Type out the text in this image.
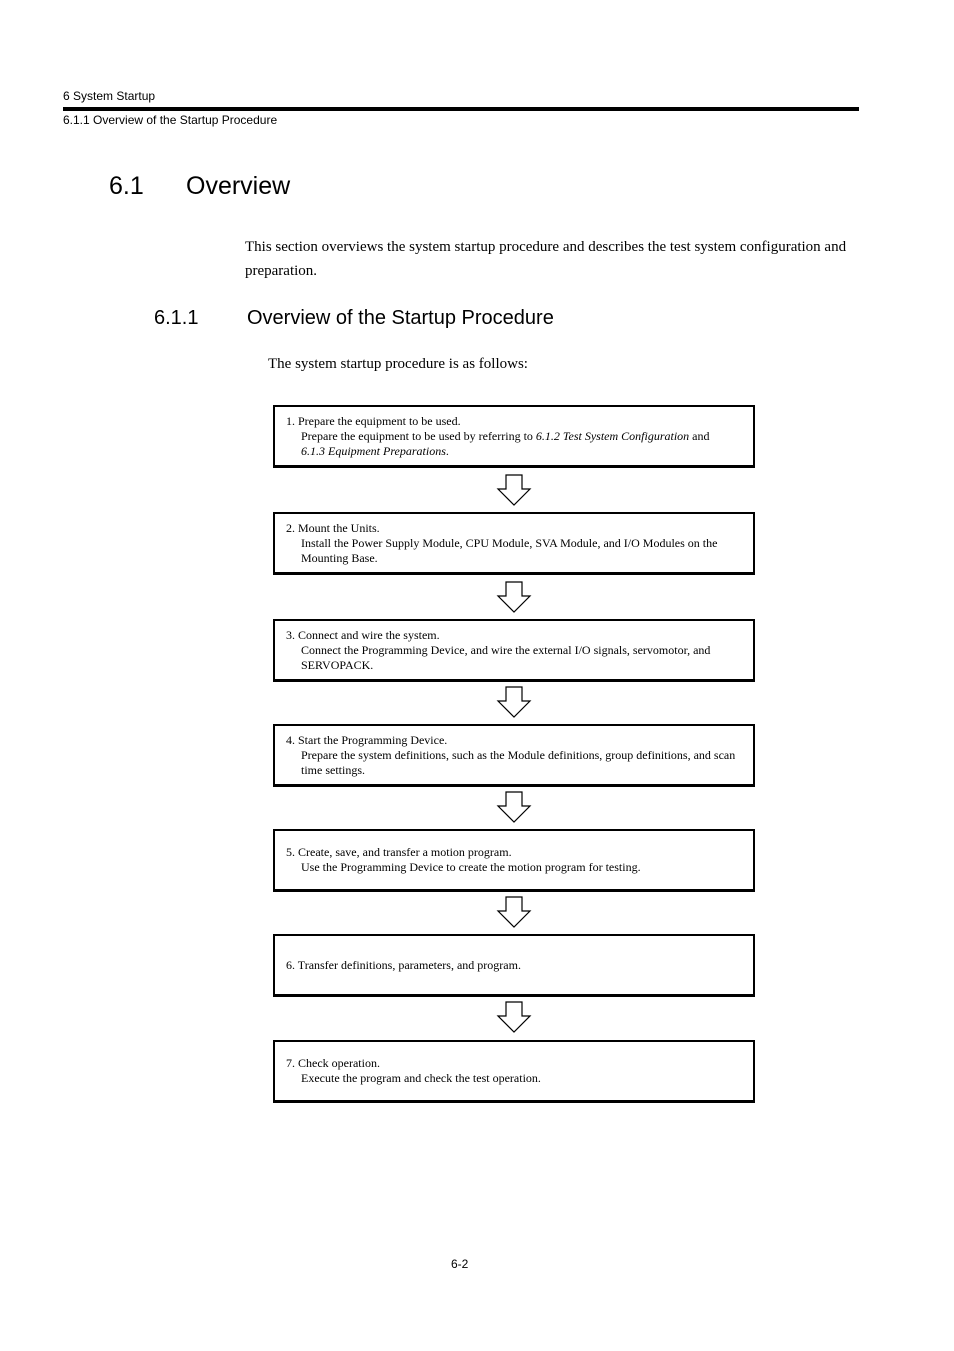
6 System Startup
6.1.1 Overview of the Startup Procedure
6.1 Overview
This section overviews the system startup procedure and describes the test system configuration and preparation.
6.1.1 Overview of the Startup Procedure
The system startup procedure is as follows:
1. Prepare the equipment to be used.
Prepare the equipment to be used by referring to 6.1.2 Test System Configuration and
6.1.3 Equipment Preparations.
2. Mount the Units.
Install the Power Supply Module, CPU Module, SVA Module, and I/O Modules on the Mounting Base.
3. Connect and wire the system.
Connect the Programming Device, and wire the external I/O signals, servomotor, and SERVOPACK.
4. Start the Programming Device.
Prepare the system definitions, such as the Module definitions, group definitions, and scan time settings.
5. Create, save, and transfer a motion program.
Use the Programming Device to create the motion program for testing.
6. Transfer definitions, parameters, and program.
7. Check operation.
Execute the program and check the test operation.
6-2
